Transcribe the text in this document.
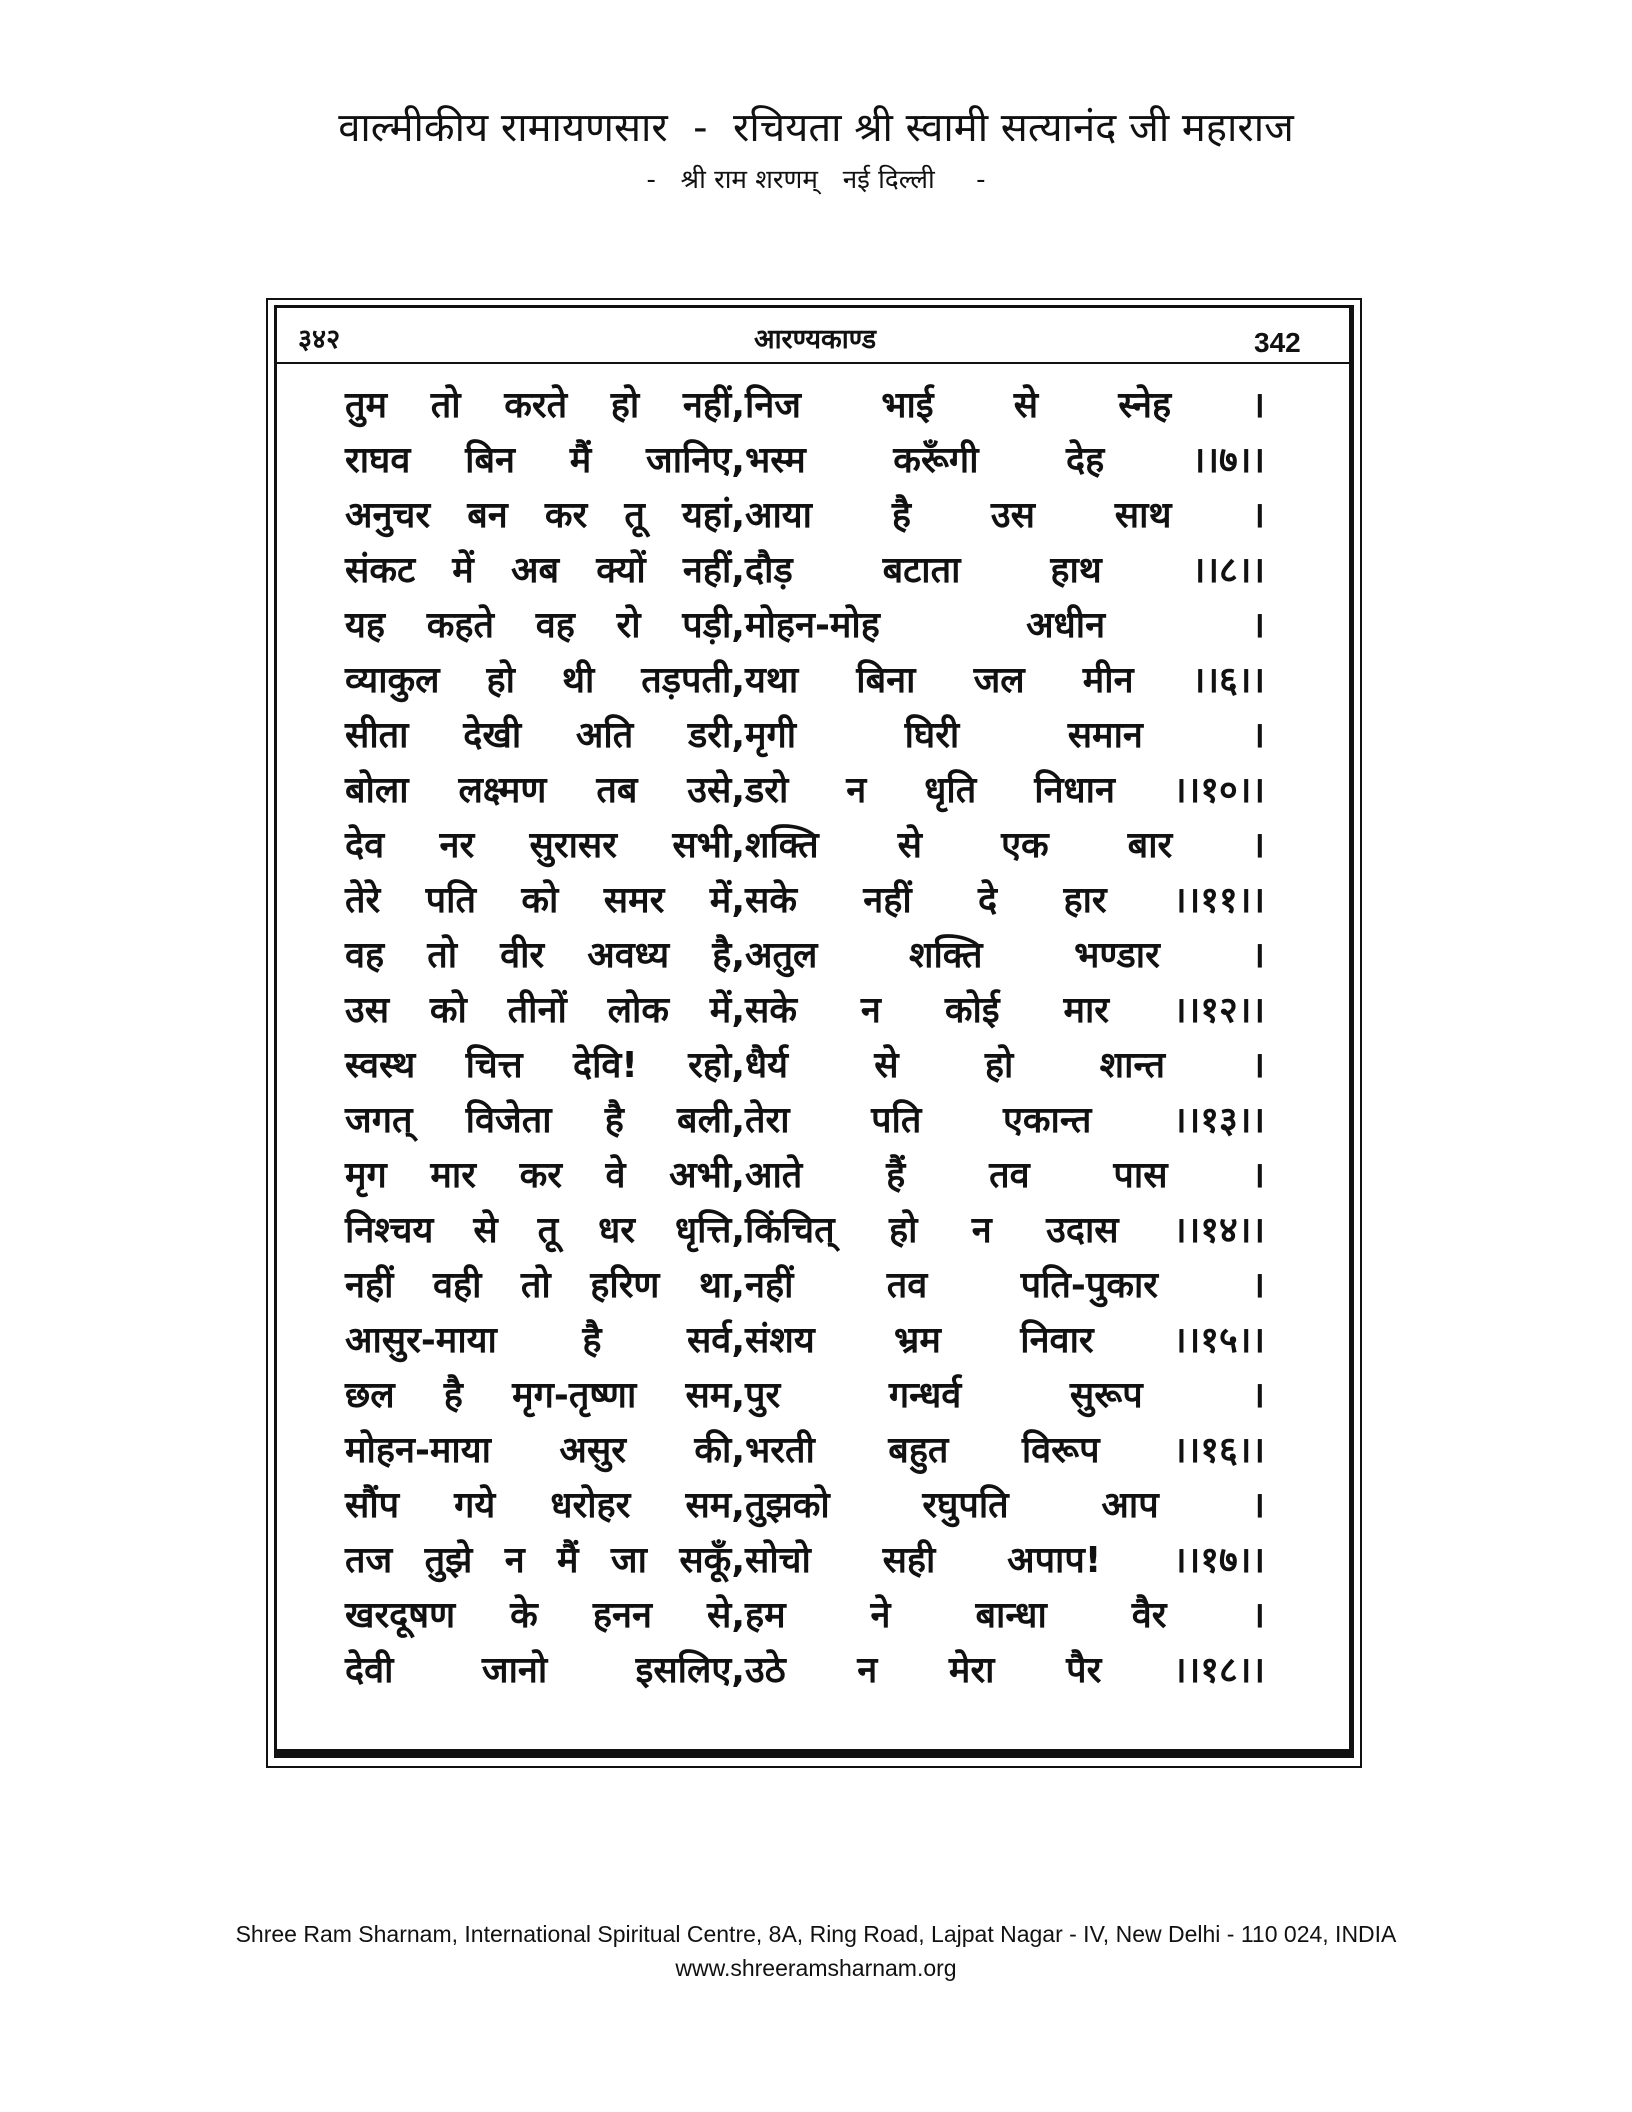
वाल्मीकीय रामायणसार  -  रचियता श्री स्वामी सत्यानंद जी महाराज
-   श्री राम शरणम्   नई दिल्ली     -
३४२	आरण्यकाण्ड	342
तुम तो करते हो नहीं, निज भाई से स्नेह ।
राघव बिन मैं जानिए, भस्म करूँगी देह ।।७।।
अनुचर बन कर तू यहां, आया है उस साथ ।
संकट में अब क्यों नहीं, दौड़ बटाता हाथ ।।८।।
यह कहते वह रो पड़ी, मोहन-मोह अधीन ।
व्याकुल हो थी तड़पती, यथा बिना जल मीन ।।६।।
सीता देखी अति डरी, मृगी घिरी समान ।
बोला लक्ष्मण तब उसे, डरो न धृति निधान ।।१०।।
देव नर सुरासर सभी, शक्ति से एक बार ।
तेरे पति को समर में, सके नहीं दे हार ।।११।।
वह तो वीर अवध्य है, अतुल शक्ति भण्डार ।
उस को तीनों लोक में, सके न कोई मार ।।१२।।
स्वस्थ चित्त देवि! रहो, धैर्य से हो शान्त ।
जगत् विजेता है बली, तेरा पति एकान्त ।।१३।।
मृग मार कर वे अभी, आते हैं तव पास ।
निश्चय से तू धर धृत्ति, किंचित् हो न उदास ।।१४।।
नहीं वही तो हरिण था, नहीं तव पति-पुकार ।
आसुर-माया है सर्व, संशय भ्रम निवार ।।१५।।
छल है मृग-तृष्णा सम, पुर गन्धर्व सुरूप ।
मोहन-माया असुर की, भरती बहुत विरूप ।।१६।।
सौंप गये धरोहर सम, तुझको रघुपति आप ।
तज तुझे न मैं जा सकूँ, सोचो सही अपाप! ।।१७।।
खरदूषण के हनन से, हम ने बान्धा वैर ।
देवी जानो इसलिए, उठे न मेरा पैर ।।१८।।
Shree Ram Sharnam, International Spiritual Centre, 8A, Ring Road, Lajpat Nagar - IV, New Delhi - 110 024, INDIA
www.shreeramsharnam.org
